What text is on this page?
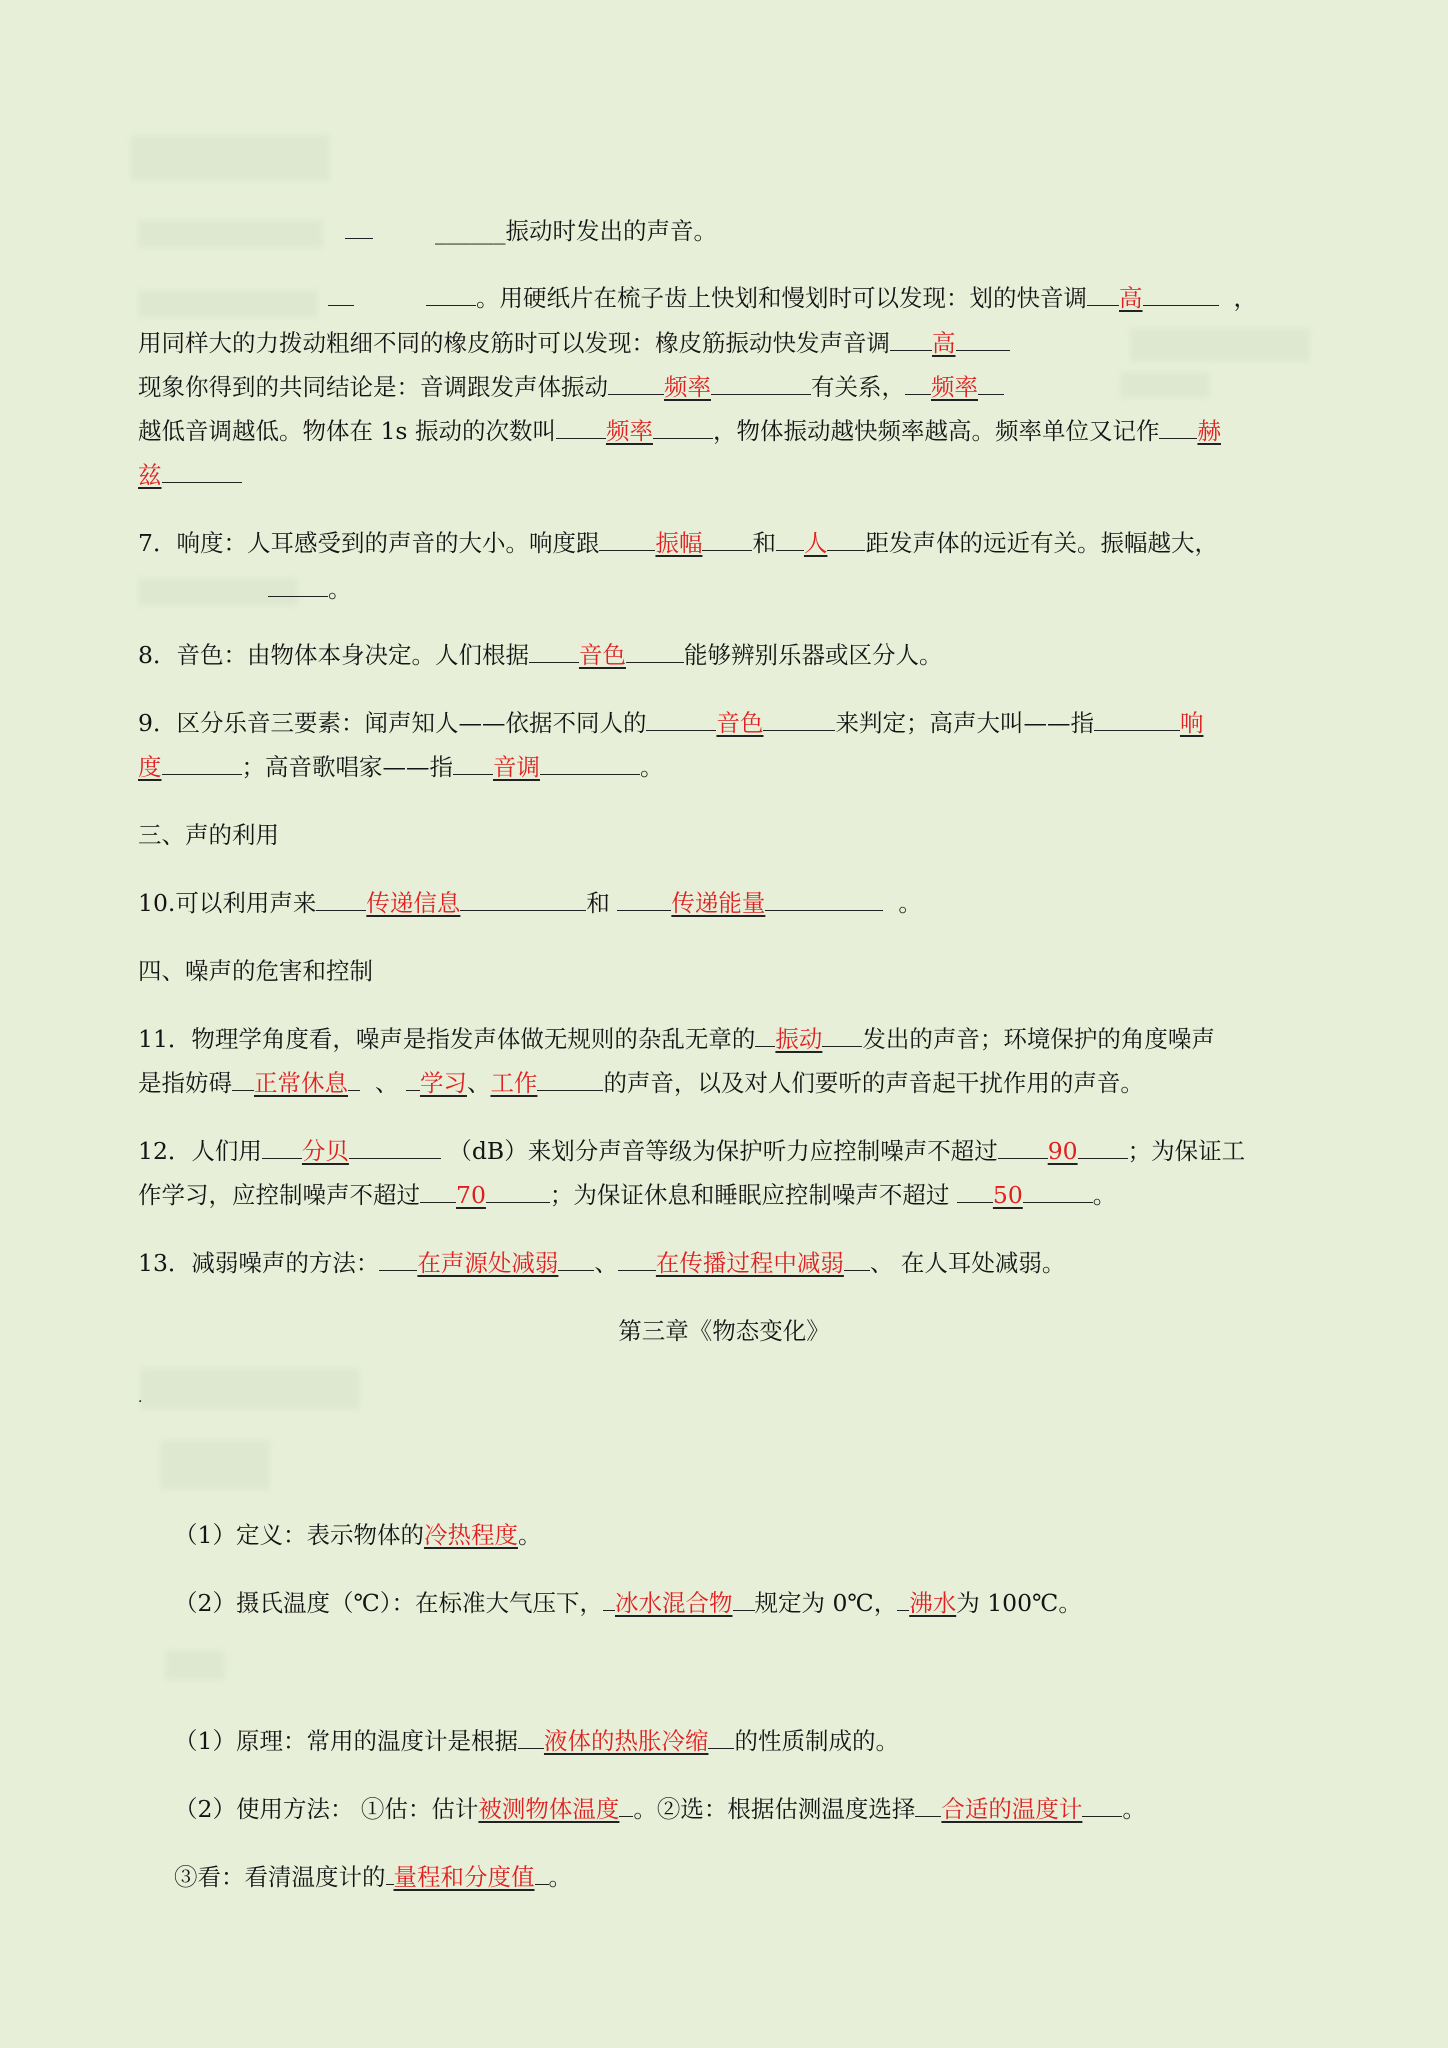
______振动时发出的声音。
。用硬纸片在梳子齿上快划和慢划时可以发现：划的快音调 高	，
用同样大的力拨动粗细不同的橡皮筋时可以发现：橡皮筋振动快发声音调 高
现象你得到的共同结论是：音调跟发声体振动 频率	有关系， 频率
越低音调越低。物体在 1s 振动的次数叫 频率	，物体振动越快频率越高。频率单位又记作 赫
兹
7．响度：人耳感受到的声音的大小。响度跟 振幅 和 人 距发声体的远近有关。振幅越大，
。
8．音色：由物体本身决定。人们根据 音色 能够辨别乐器或区分人。
9．区分乐音三要素：闻声知人——依据不同人的	音色	来判定；高声大叫——指	响
度	；高音歌唱家——指 音调	。
三、声的利用
10.可以利用声来 传递信息	和	传递能量	。
四、噪声的危害和控制
11．物理学角度看，噪声是指发声体做无规则的杂乱无章的 振动 发出的声音；环境保护的角度噪声
是指妨碍 正常休息 、 学习、工作	的声音，以及对人们要听的声音起干扰作用的声音。
12．人们用 分贝	（dB）来划分声音等级为保护听力应控制噪声不超过 90 ；为保证工
作学习，应控制噪声不超过 70	；为保证休息和睡眠应控制噪声不超过 50	。
13．减弱噪声的方法： 在声源处减弱 、 在传播过程中减弱 、 在人耳处减弱。
第三章《物态变化》
.
（1）定义：表示物体的冷热程度。
（2）摄氏温度（℃）：在标准大气压下， 冰水混合物 规定为 0℃， 沸水为 100℃。
（1）原理：常用的温度计是根据 液体的热胀冷缩 的性质制成的。
（2）使用方法： ①估：估计被测物体温度 。②选：根据估测温度选择 合适的温度计 。
③看：看清温度计的 量程和分度值 。
